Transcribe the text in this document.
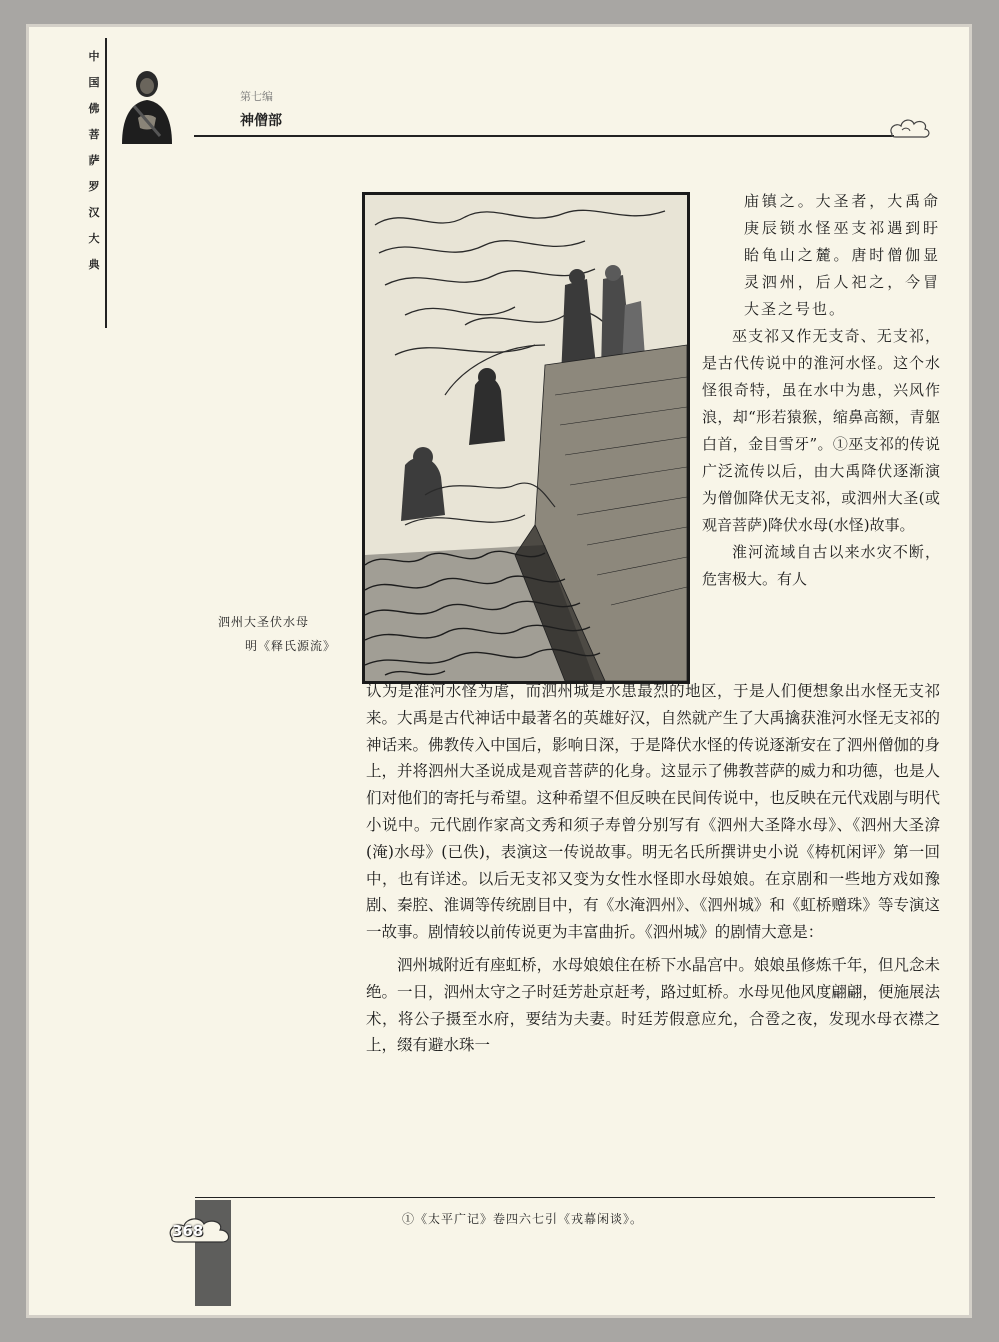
中
国
佛
菩
萨
罗
汉
大
典
第七编
神僧部
泗州大圣伏水母
明《释氏源流》
庙镇之。大圣者，大禹命庚辰锁水怪巫支祁遇到盱眙龟山之麓。唐时僧伽显灵泗州，后人祀之，今冒大圣之号也。

巫支祁又作无支奇、无支祁，是古代传说中的淮河水怪。这个水怪很奇特，虽在水中为患，兴风作浪，却“形若猿猴，缩鼻高额，青躯白首，金目雪牙”。①巫支祁的传说广泛流传以后，由大禹降伏逐渐演为僧伽降伏无支祁，或泗州大圣(或观音菩萨)降伏水母(水怪)故事。

淮河流域自古以来水灾不断，危害极大。有人

认为是淮河水怪为虐，而泗州城是水患最烈的地区，于是人们便想象出水怪无支祁来。大禹是古代神话中最著名的英雄好汉，自然就产生了大禹擒获淮河水怪无支祁的神话来。佛教传入中国后，影响日深，于是降伏水怪的传说逐渐安在了泗州僧伽的身上，并将泗州大圣说成是观音菩萨的化身。这显示了佛教菩萨的威力和功德，也是人们对他们的寄托与希望。这种希望不但反映在民间传说中，也反映在元代戏剧与明代小说中。元代剧作家高文秀和须子寿曾分别写有《泗州大圣降水母》、《泗州大圣渰(淹)水母》(已佚)，表演这一传说故事。明无名氏所撰讲史小说《梼杌闲评》第一回中，也有详述。以后无支祁又变为女性水怪即水母娘娘。在京剧和一些地方戏如豫剧、秦腔、淮调等传统剧目中，有《水淹泗州》、《泗州城》和《虹桥赠珠》等专演这一故事。剧情较以前传说更为丰富曲折。《泗州城》的剧情大意是：

泗州城附近有座虹桥，水母娘娘住在桥下水晶宫中。娘娘虽修炼千年，但凡念未绝。一日，泗州太守之子时廷芳赴京赶考，路过虹桥。水母见他风度翩翩，便施展法术，将公子摄至水府，要结为夫妻。时廷芳假意应允，合卺之夜，发现水母衣襟之上，缀有避水珠一

368
①《太平广记》卷四六七引《戎幕闲谈》。
